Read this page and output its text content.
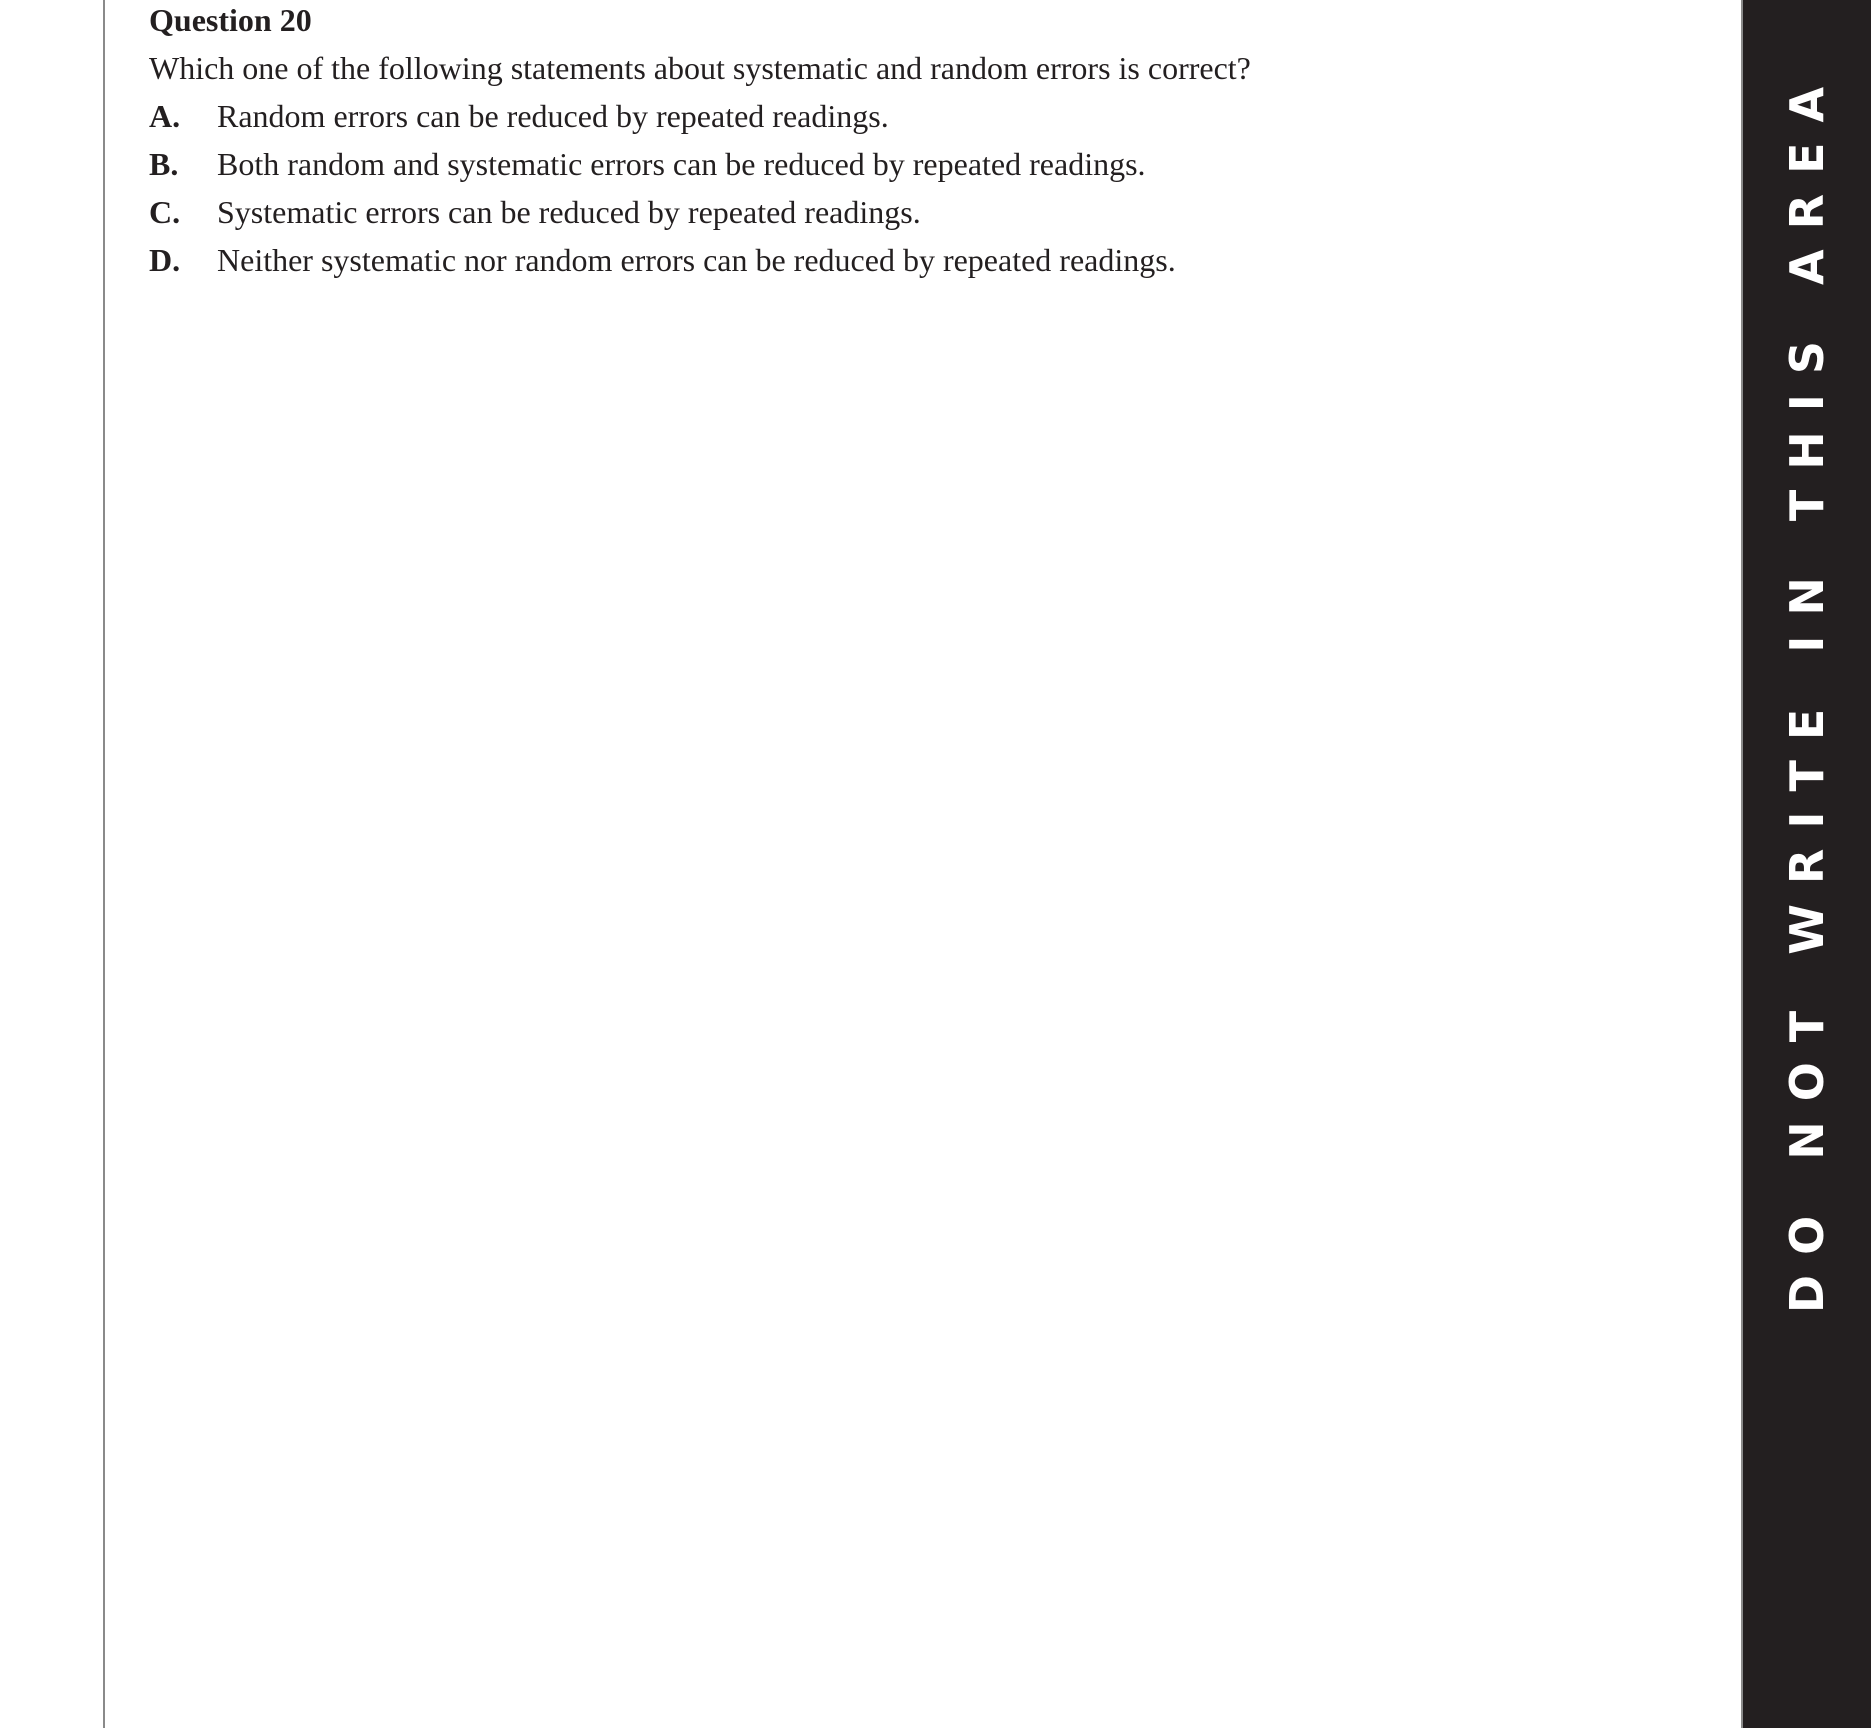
Question 20

Which one of the following statements about systematic and random errors is correct?

A.	Random errors can be reduced by repeated readings.
B.	Both random and systematic errors can be reduced by repeated readings.
C.	Systematic errors can be reduced by repeated readings.
D.	Neither systematic nor random errors can be reduced by repeated readings.	DO NOT WRITE IN THIS AREA
